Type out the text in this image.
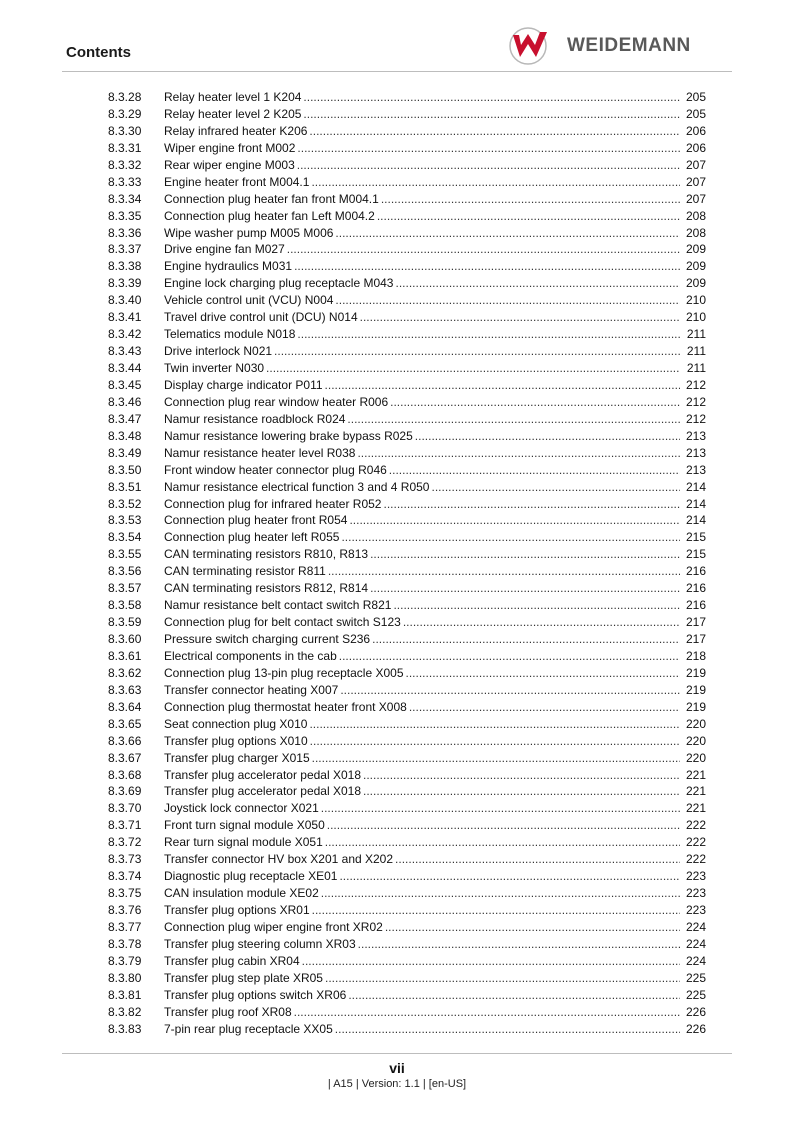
Contents	WEIDEMANN
8.3.28	Relay heater level 1 K204 .....	205
8.3.29	Relay heater level 2 K205 .....	205
8.3.30	Relay infrared heater K206 .....	206
8.3.31	Wiper engine front M002 .....	206
8.3.32	Rear wiper engine M003 .....	207
8.3.33	Engine heater front M004.1 .....	207
8.3.34	Connection plug heater fan front M004.1 .....	207
8.3.35	Connection plug heater fan Left M004.2 .....	208
8.3.36	Wipe washer pump M005 M006 .....	208
8.3.37	Drive engine fan M027 .....	209
8.3.38	Engine hydraulics M031 .....	209
8.3.39	Engine lock charging plug receptacle M043 .....	209
8.3.40	Vehicle control unit (VCU) N004 .....	210
8.3.41	Travel drive control unit (DCU) N014 .....	210
8.3.42	Telematics module N018 .....	211
8.3.43	Drive interlock N021 .....	211
8.3.44	Twin inverter N030 .....	211
8.3.45	Display charge indicator P011 .....	212
8.3.46	Connection plug rear window heater R006 .....	212
8.3.47	Namur resistance roadblock R024 .....	212
8.3.48	Namur resistance lowering brake bypass R025 .....	213
8.3.49	Namur resistance heater level R038 .....	213
8.3.50	Front window heater connector plug R046 .....	213
8.3.51	Namur resistance electrical function 3 and 4 R050 .....	214
8.3.52	Connection plug for infrared heater R052 .....	214
8.3.53	Connection plug heater front R054 .....	214
8.3.54	Connection plug heater left R055 .....	215
8.3.55	CAN terminating resistors R810, R813 .....	215
8.3.56	CAN terminating resistor R811 .....	216
8.3.57	CAN terminating resistors R812, R814 .....	216
8.3.58	Namur resistance belt contact switch R821 .....	216
8.3.59	Connection plug for belt contact switch S123 .....	217
8.3.60	Pressure switch charging current S236 .....	217
8.3.61	Electrical components in the cab .....	218
8.3.62	Connection plug 13-pin plug receptacle X005 .....	219
8.3.63	Transfer connector heating X007 .....	219
8.3.64	Connection plug thermostat heater front X008 .....	219
8.3.65	Seat connection plug X010 .....	220
8.3.66	Transfer plug options X010 .....	220
8.3.67	Transfer plug charger X015 .....	220
8.3.68	Transfer plug accelerator pedal X018 .....	221
8.3.69	Transfer plug accelerator pedal X018 .....	221
8.3.70	Joystick lock connector X021 .....	221
8.3.71	Front turn signal module X050 .....	222
8.3.72	Rear turn signal module X051 .....	222
8.3.73	Transfer connector HV box X201 and X202 .....	222
8.3.74	Diagnostic plug receptacle XE01 .....	223
8.3.75	CAN insulation module XE02 .....	223
8.3.76	Transfer plug options XR01 .....	223
8.3.77	Connection plug wiper engine front XR02 .....	224
8.3.78	Transfer plug steering column XR03 .....	224
8.3.79	Transfer plug cabin XR04 .....	224
8.3.80	Transfer plug step plate XR05 .....	225
8.3.81	Transfer plug options switch XR06 .....	225
8.3.82	Transfer plug roof XR08 .....	226
8.3.83	7-pin rear plug receptacle XX05 .....	226
vii
| A15 | Version: 1.1 | [en-US]
